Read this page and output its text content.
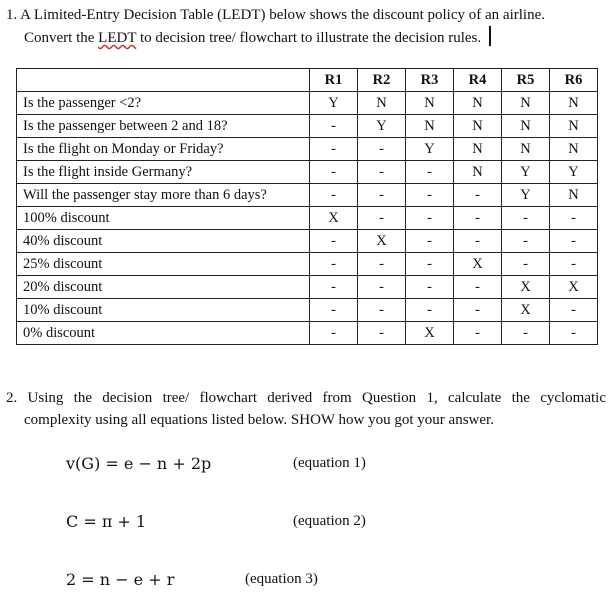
1. A Limited-Entry Decision Table (LEDT) below shows the discount policy of an airline.
Convert the LEDT to decision tree/ flowchart to illustrate the decision rules.
	R1	R2	R3	R4	R5	R6
Is the passenger <2?	Y	N	N	N	N	N
Is the passenger between 2 and 18?	-	Y	N	N	N	N
Is the flight on Monday or Friday?	-	-	Y	N	N	N
Is the flight inside Germany?	-	-	-	N	Y	Y
Will the passenger stay more than 6 days?	-	-	-	-	Y	N
100% discount	X	-	-	-	-	-
40% discount	-	X	-	-	-	-
25% discount	-	-	-	X	-	-
20% discount	-	-	-	-	X	X
10% discount	-	-	-	-	X	-
0% discount	-	-	X	-	-	-
2. Using the decision tree/ flowchart derived from Question 1, calculate the cyclomatic
complexity using all equations listed below. SHOW how you got your answer.
v(G) = e − n + 2p	(equation 1)
C = π + 1	(equation 2)
2 = n − e + r	(equation 3)
